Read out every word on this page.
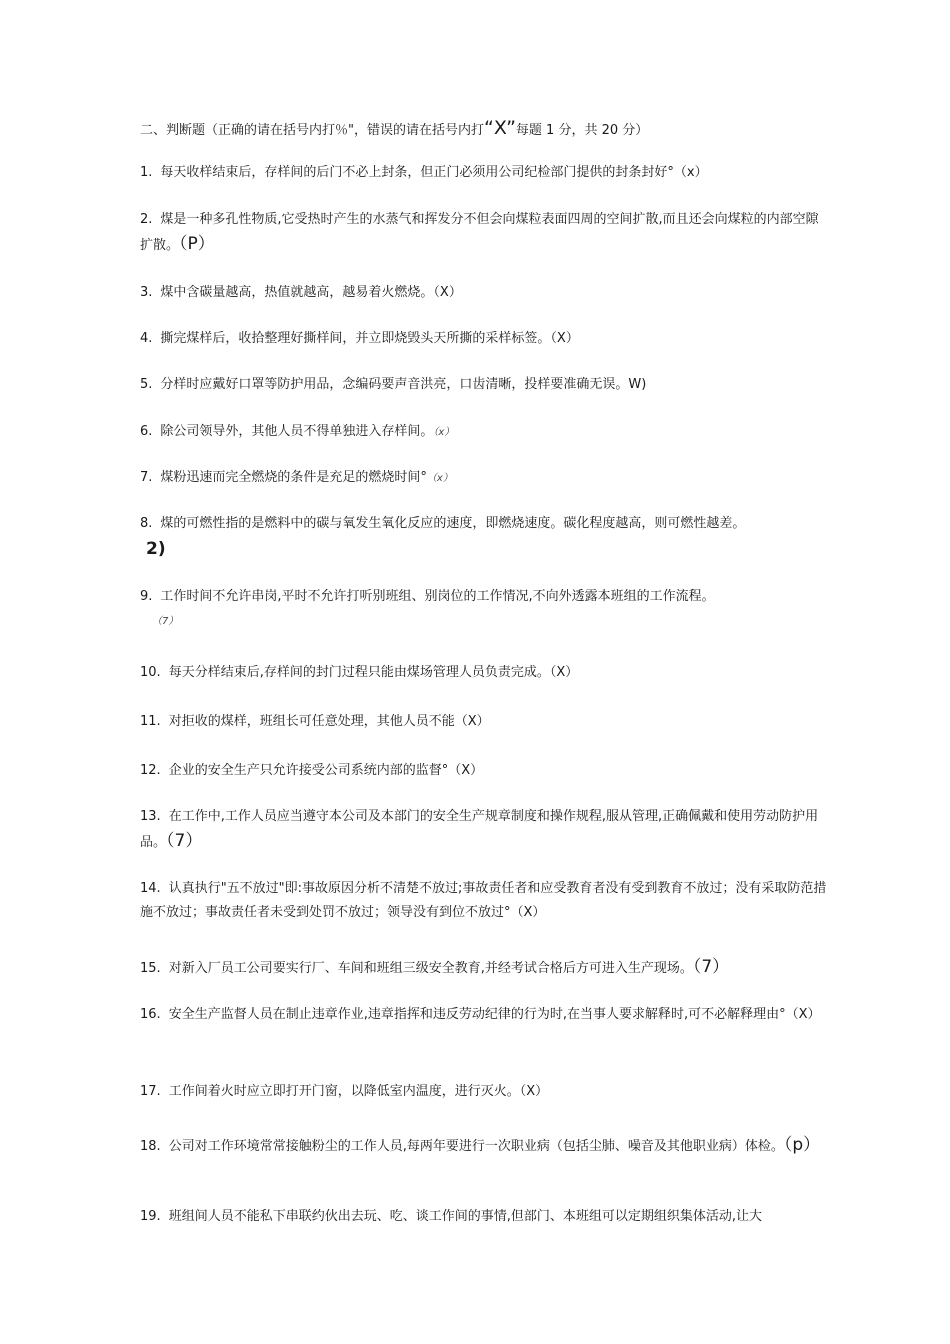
二、判断题（正确的请在括号内打％"，错误的请在括号内打“X”每题 1 分，共 20 分）
1. 每天收样结束后，存样间的后门不必上封条，但正门必须用公司纪检部门提供的封条封好°（x）
2. 煤是一种多孔性物质,它受热时产生的水蒸气和挥发分不但会向煤粒表面四周的空间扩散,而且还会向煤粒的内部空隙扩散。（P）
3. 煤中含碳量越高，热值就越高，越易着火燃烧。（X）
4. 撕完煤样后，收拾整理好撕样间，并立即烧毁头天所撕的采样标签。（X）
5. 分样时应戴好口罩等防护用品，念编码要声音洪亮，口齿清晰，投样要准确无误。W)
6. 除公司领导外，其他人员不得单独进入存样间。（x）
7. 煤粉迅速而完全燃烧的条件是充足的燃烧时间°（x）
8. 煤的可燃性指的是燃料中的碳与氧发生氧化反应的速度，即燃烧速度。碳化程度越高，则可燃性越差。
2)
9. 工作时间不允许串岗,平时不允许打听别班组、别岗位的工作情况,不向外透露本班组的工作流程。
（7）
10. 每天分样结束后,存样间的封门过程只能由煤场管理人员负责完成。（X）
11. 对拒收的煤样，班组长可任意处理，其他人员不能（X）
12. 企业的安全生产只允许接受公司系统内部的监督°（X）
13. 在工作中,工作人员应当遵守本公司及本部门的安全生产规章制度和操作规程,服从管理,正确佩戴和使用劳动防护用品。（7）
14. 认真执行"五不放过"即:事故原因分析不清楚不放过;事故责任者和应受教育者没有受到教育不放过；没有采取防范措施不放过；事故责任者未受到处罚不放过；领导没有到位不放过°（X）
15. 对新入厂员工公司要实行厂、车间和班组三级安全教育,并经考试合格后方可进入生产现场。（7）
16. 安全生产监督人员在制止违章作业,违章指挥和违反劳动纪律的行为时,在当事人要求解释时,可不必解释理由°（X）
17. 工作间着火时应立即打开门窗，以降低室内温度，进行灭火。（X）
18. 公司对工作环境常常接触粉尘的工作人员,每两年要进行一次职业病（包括尘肺、噪音及其他职业病）体检。（p）
19. 班组间人员不能私下串联约伙出去玩、吃、谈工作间的事情,但部门、本班组可以定期组织集体活动,让大
